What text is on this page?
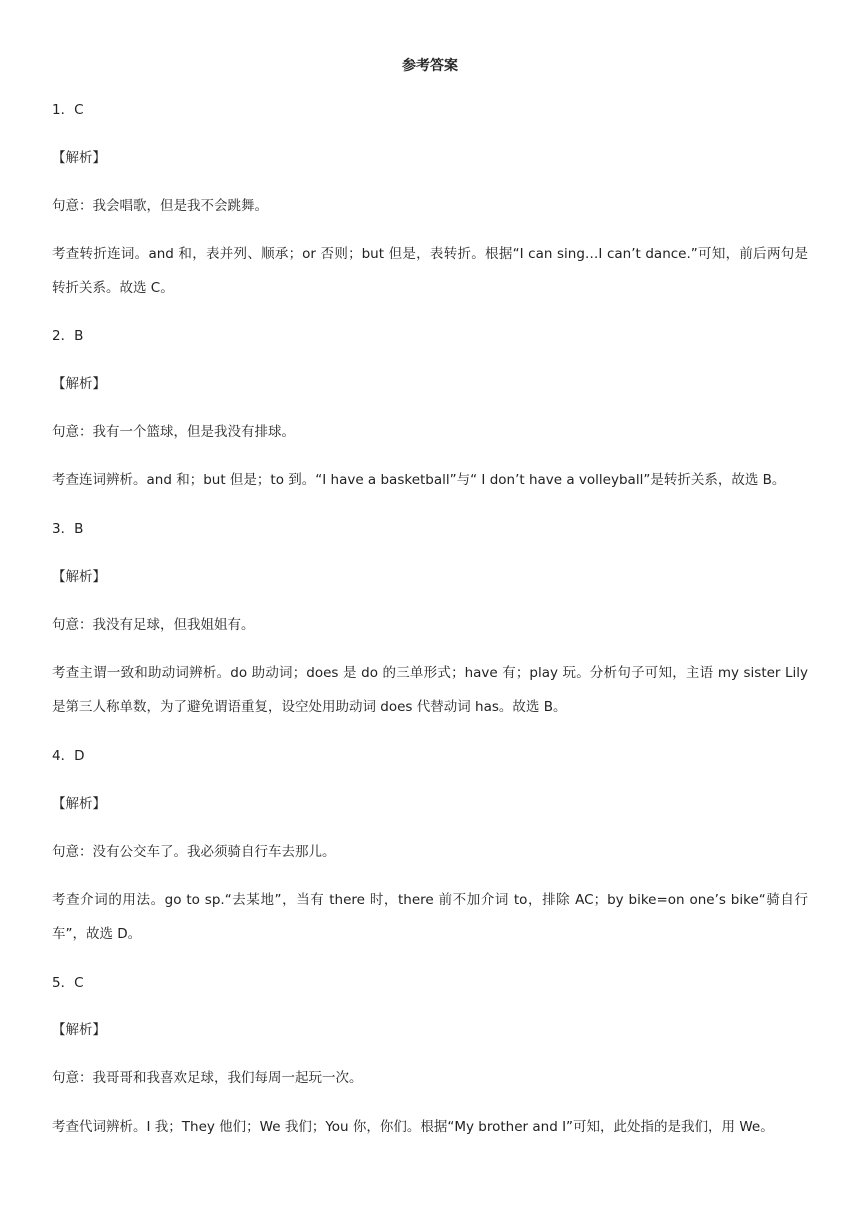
参考答案
1．C
【解析】
句意：我会唱歌，但是我不会跳舞。
考查转折连词。and 和，表并列、顺承；or 否则；but 但是，表转折。根据“I can sing…I can’t dance.”可知，前后两句是转折关系。故选 C。
2．B
【解析】
句意：我有一个篮球，但是我没有排球。
考查连词辨析。and 和；but 但是；to 到。“I have a basketball”与“ I don’t have a volleyball”是转折关系，故选 B。
3．B
【解析】
句意：我没有足球，但我姐姐有。
考查主谓一致和助动词辨析。do 助动词；does 是 do 的三单形式；have 有；play 玩。分析句子可知，主语 my sister Lily 是第三人称单数，为了避免谓语重复，设空处用助动词 does 代替动词 has。故选 B。
4．D
【解析】
句意：没有公交车了。我必须骑自行车去那儿。
考查介词的用法。go to sp.“去某地”，当有 there 时，there 前不加介词 to，排除 AC；by bike=on one’s bike“骑自行车”，故选 D。
5．C
【解析】
句意：我哥哥和我喜欢足球，我们每周一起玩一次。
考查代词辨析。I 我；They 他们；We 我们；You 你，你们。根据“My brother and I”可知，此处指的是我们，用 We。
